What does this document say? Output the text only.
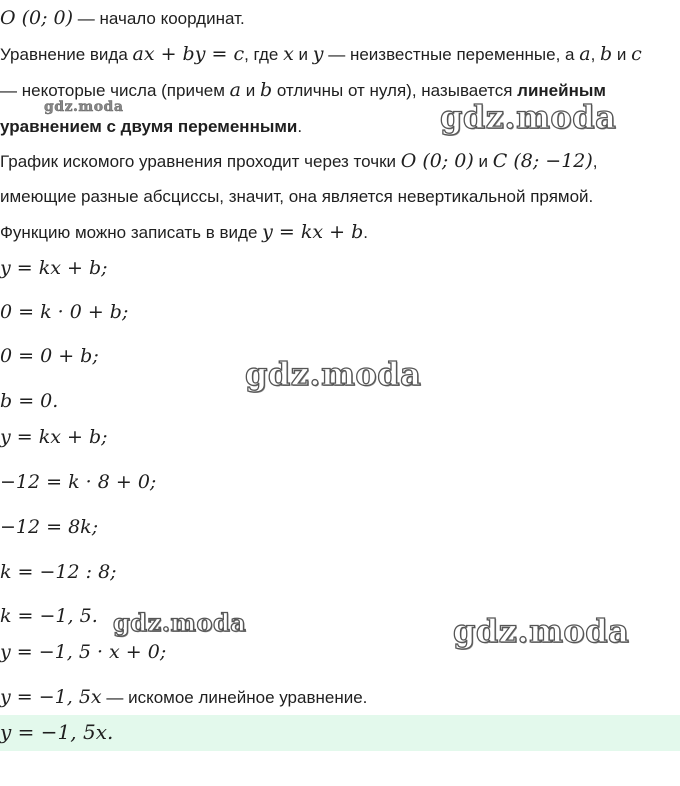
O (0; 0) — начало координат.
Уравнение вида ax + by = c, где x и y — неизвестные переменные, а a, b и c
— некоторые числа (причем a и b отличны от нуля), называется линейным
уравнением с двумя переменными.
График искомого уравнения проходит через точки O (0; 0) и C (8; −12),
имеющие разные абсциссы, значит, она является невертикальной прямой.
Функцию можно записать в виде y = kx + b.
y = kx + b;
0 = k · 0 + b;
0 = 0 + b;
b = 0.
y = kx + b;
−12 = k · 8 + 0;
−12 = 8k;
k = −12 : 8;
k = −1, 5.
y = −1, 5 · x + 0;
y = −1, 5x — искомое линейное уравнение.
y = −1, 5x.
gdz.moda	gdz.moda
gdz.moda
gdz.moda	gdz.moda
